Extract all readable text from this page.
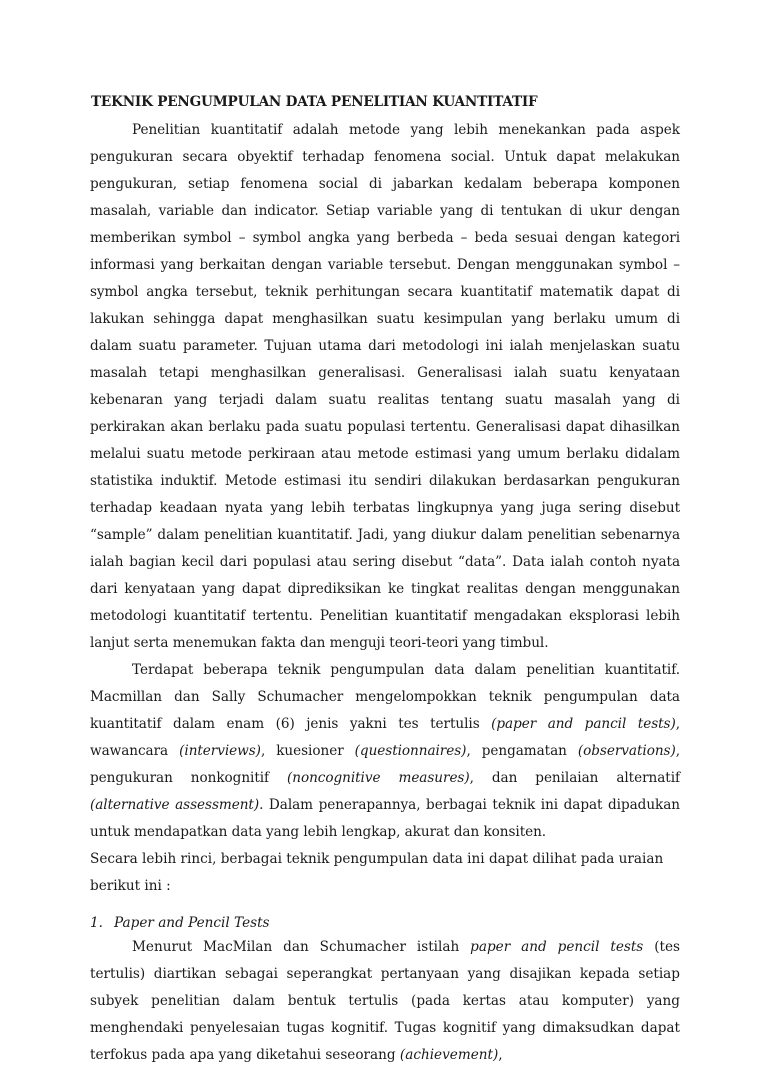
TEKNIK PENGUMPULAN DATA PENELITIAN KUANTITATIF

Penelitian kuantitatif adalah metode yang lebih menekankan pada aspek pengukuran secara obyektif terhadap fenomena social. Untuk dapat melakukan pengukuran, setiap fenomena social di jabarkan kedalam beberapa komponen masalah, variable dan indicator. Setiap variable yang di tentukan di ukur dengan memberikan symbol – symbol angka yang berbeda – beda sesuai dengan kategori informasi yang berkaitan dengan variable tersebut. Dengan menggunakan symbol – symbol angka tersebut, teknik perhitungan secara kuantitatif matematik dapat di lakukan sehingga dapat menghasilkan suatu kesimpulan yang berlaku umum di dalam suatu parameter. Tujuan utama dari metodologi ini ialah menjelaskan suatu masalah tetapi menghasilkan generalisasi. Generalisasi ialah suatu kenyataan kebenaran yang terjadi dalam suatu realitas tentang suatu masalah yang di perkirakan akan berlaku pada suatu populasi tertentu. Generalisasi dapat dihasilkan melalui suatu metode perkiraan atau metode estimasi yang umum berlaku didalam statistika induktif. Metode estimasi itu sendiri dilakukan berdasarkan pengukuran terhadap keadaan nyata yang lebih terbatas lingkupnya yang juga sering disebut “sample” dalam penelitian kuantitatif. Jadi, yang diukur dalam penelitian sebenarnya ialah bagian kecil dari populasi atau sering disebut “data”. Data ialah contoh nyata dari kenyataan yang dapat diprediksikan ke tingkat realitas dengan menggunakan metodologi kuantitatif tertentu. Penelitian kuantitatif mengadakan eksplorasi lebih lanjut serta menemukan fakta dan menguji teori-teori yang timbul.

Terdapat beberapa teknik pengumpulan data dalam penelitian kuantitatif. Macmillan dan Sally Schumacher mengelompokkan teknik pengumpulan data kuantitatif dalam enam (6) jenis yakni tes tertulis (paper and pancil tests), wawancara (interviews), kuesioner (questionnaires), pengamatan (observations), pengukuran nonkognitif (noncognitive measures), dan penilaian alternatif (alternative assessment). Dalam penerapannya, berbagai teknik ini dapat dipadukan untuk mendapatkan data yang lebih lengkap, akurat dan konsiten.

Secara lebih rinci, berbagai teknik pengumpulan data ini dapat dilihat pada uraian berikut ini :

1. Paper and Pencil Tests

Menurut MacMilan dan Schumacher istilah paper and pencil tests (tes tertulis) diartikan sebagai seperangkat pertanyaan yang disajikan kepada setiap subyek penelitian dalam bentuk tertulis (pada kertas atau komputer) yang menghendaki penyelesaian tugas kognitif. Tugas kognitif yang dimaksudkan dapat terfokus pada apa yang diketahui seseorang (achievement),
